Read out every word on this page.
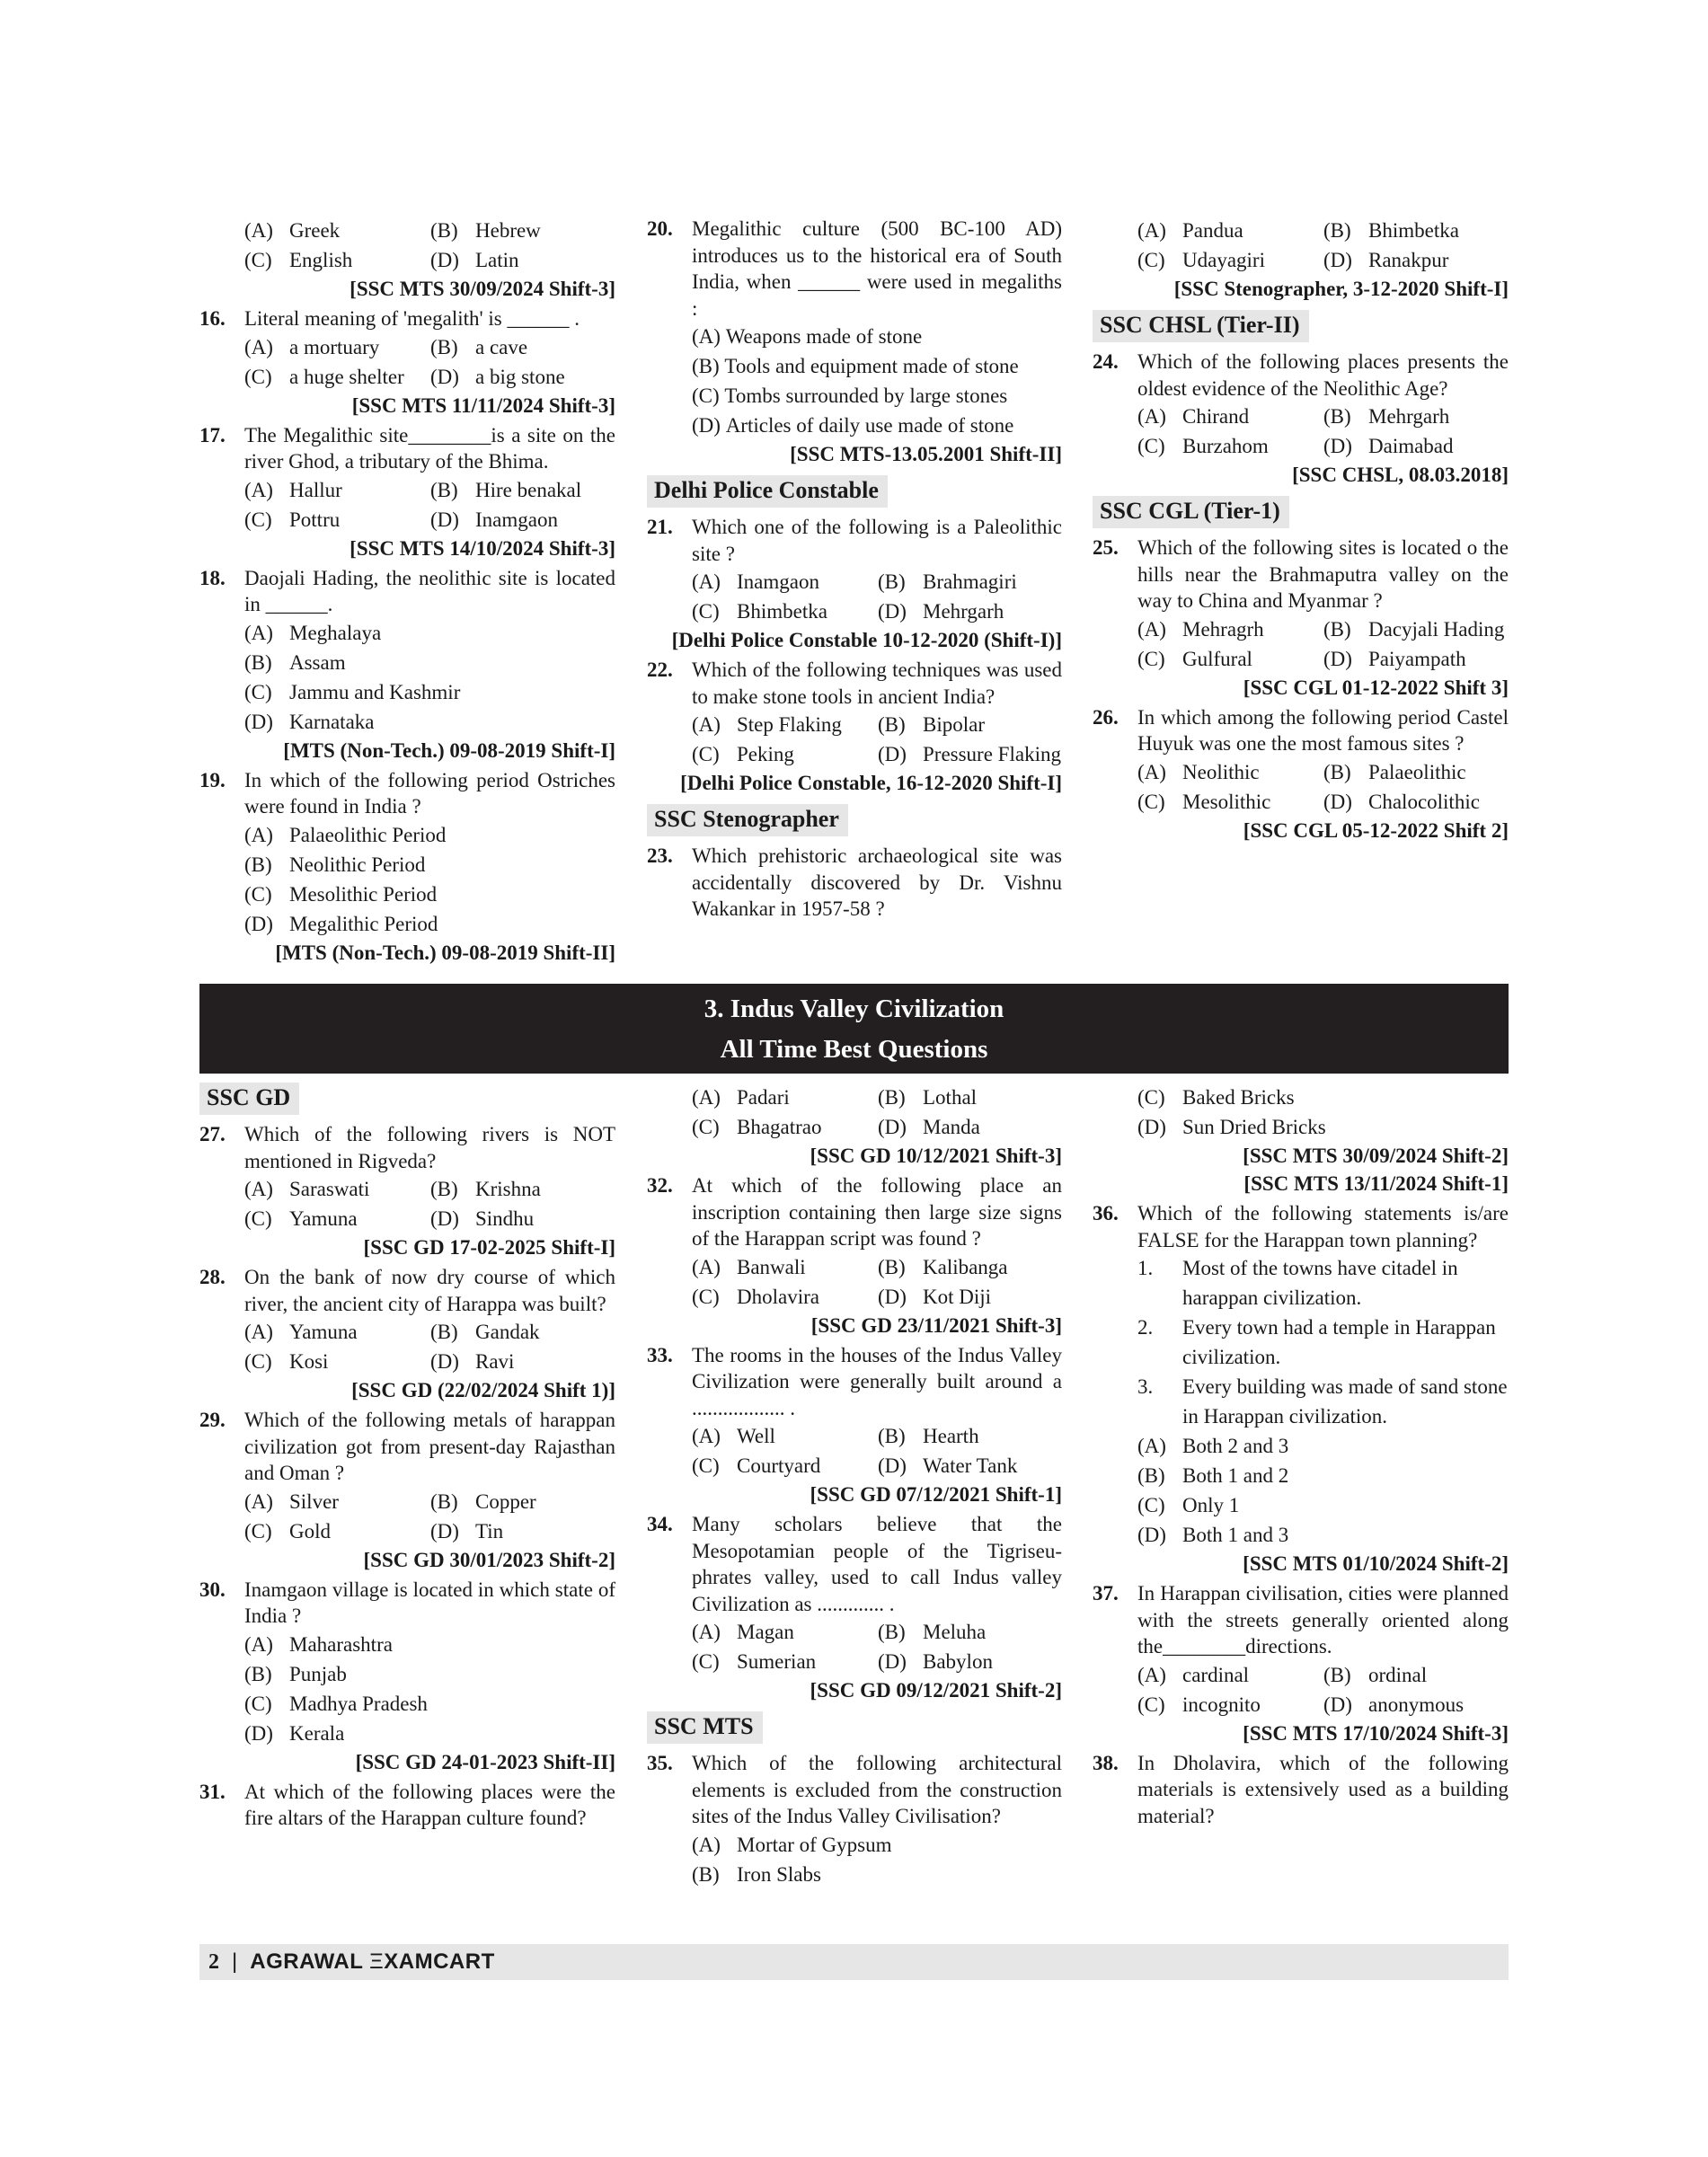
(A) Greek	(B) Hebrew
(C) English	(D) Latin
[SSC MTS 30/09/2024 Shift-3]
16. Literal meaning of 'megalith' is ______ .
(A) a mortuary	(B) a cave
(C) a huge shelter	(D) a big stone
[SSC MTS 11/11/2024 Shift-3]
17. The Megalithic site________is a site on the river Ghod, a tributary of the Bhima.
(A) Hallur	(B) Hire benakal
(C) Pottru	(D) Inamgaon
[SSC MTS 14/10/2024 Shift-3]
18. Daojali Hading, the neolithic site is located in ______.
(A) Meghalaya
(B) Assam
(C) Jammu and Kashmir
(D) Karnataka
[MTS (Non-Tech.) 09-08-2019 Shift-I]
19. In which of the following period Ostriches were found in India ?
(A) Palaeolithic Period
(B) Neolithic Period
(C) Mesolithic Period
(D) Megalithic Period
[MTS (Non-Tech.) 09-08-2019 Shift-II]
20. Megalithic culture (500 BC-100 AD) introduces us to the historical era of South India, when ______ were used in megaliths :
(A)
Weapons made of stone
(B)
Tools and equipment made of stone
(C)
Tombs surrounded by large stones
(D)
Articles of daily use made of stone
[SSC MTS-13.05.2001 Shift-II]
Delhi Police Constable
21. Which one of the following is a Paleolithic site ?
(A) Inamgaon	(B) Brahmagiri
(C) Bhimbetka	(D) Mehrgarh
[Delhi Police Constable 10-12-2020 (Shift-I)]
22. Which of the following techniques was used to make stone tools in ancient India?
(A) Step Flaking	(B) Bipolar
(C) Peking	(D) Pressure Flaking
[Delhi Police Constable, 16-12-2020 Shift-I]
SSC Stenographer
23. Which prehistoric archaeological site was accidentally discovered by Dr. Vishnu Wakankar in 1957-58 ?
(A) Pandua	(B) Bhimbetka
(C) Udayagiri	(D) Ranakpur
[SSC Stenographer, 3-12-2020 Shift-I]
SSC CHSL (Tier-II)
24. Which of the following places presents the oldest evidence of the Neolithic Age?
(A) Chirand	(B) Mehrgarh
(C) Burzahom	(D) Daimabad
[SSC CHSL, 08.03.2018]
SSC CGL (Tier-1)
25. Which of the following sites is located o the hills near the Brahmaputra valley on the way to China and Myanmar ?
(A) Mehragrh	(B) Dacyjali Hading
(C) Gulfural	(D) Paiyampath
[SSC CGL 01-12-2022 Shift 3]
26. In which among the following period Castel Huyuk was one the most famous sites ?
(A) Neolithic	(B) Palaeolithic
(C) Mesolithic	(D) Chalocolithic
[SSC CGL 05-12-2022 Shift 2]
3. Indus Valley Civilization
All Time Best Questions
SSC GD
27. Which of the following rivers is NOT mentioned in Rigveda?
(A) Saraswati	(B) Krishna
(C) Yamuna	(D) Sindhu
[SSC GD 17-02-2025 Shift-I]
28. On the bank of now dry course of which river, the ancient city of Harappa was built?
(A) Yamuna	(B) Gandak
(C) Kosi	(D) Ravi
[SSC GD (22/02/2024 Shift 1)]
29. Which of the following metals of harappan civilization got from present-day Rajasthan and Oman ?
(A) Silver	(B) Copper
(C) Gold	(D) Tin
[SSC GD 30/01/2023 Shift-2]
30. Inamgaon village is located in which state of India ?
(A) Maharashtra
(B) Punjab
(C) Madhya Pradesh
(D) Kerala
[SSC GD 24-01-2023 Shift-II]
31. At which of the following places were the fire altars of the Harappan culture found?
(A) Padari	(B) Lothal
(C) Bhagatrao	(D) Manda
[SSC GD 10/12/2021 Shift-3]
32. At which of the following place an inscription containing then large size signs of the Harappan script was found ?
(A) Banwali	(B) Kalibanga
(C) Dholavira	(D) Kot Diji
[SSC GD 23/11/2021 Shift-3]
33. The rooms in the houses of the Indus Valley Civilization were generally built around a .................. .
(A) Well	(B) Hearth
(C) Courtyard	(D) Water Tank
[SSC GD 07/12/2021 Shift-1]
34. Many scholars believe that the Mesopotamian people of the Tigriseu-phrates valley, used to call Indus valley Civilization as ............. .
(A) Magan	(B) Meluha
(C) Sumerian	(D) Babylon
[SSC GD 09/12/2021 Shift-2]
SSC MTS
35. Which of the following architectural elements is excluded from the construction sites of the Indus Valley Civilisation?
(A) Mortar of Gypsum
(B) Iron Slabs
(C) Baked Bricks
(D) Sun Dried Bricks
[SSC MTS 30/09/2024 Shift-2]
[SSC MTS 13/11/2024 Shift-1]
36. Which of the following statements is/are FALSE for the Harappan town planning?
1.	Most of the towns have citadel in harappan civilization.
2.	Every town had a temple in Harappan civilization.
3.	Every building was made of sand stone in Harappan civilization.
(A) Both 2 and 3
(B) Both 1 and 2
(C) Only 1
(D) Both 1 and 3
[SSC MTS 01/10/2024 Shift-2]
37. In Harappan civilisation, cities were planned with the streets generally oriented along the________directions.
(A) cardinal	(B) ordinal
(C) incognito	(D) anonymous
[SSC MTS 17/10/2024 Shift-3]
38. In Dholavira, which of the following materials is extensively used as a building material?
2 | AGRAWAL ΞXAMCART
